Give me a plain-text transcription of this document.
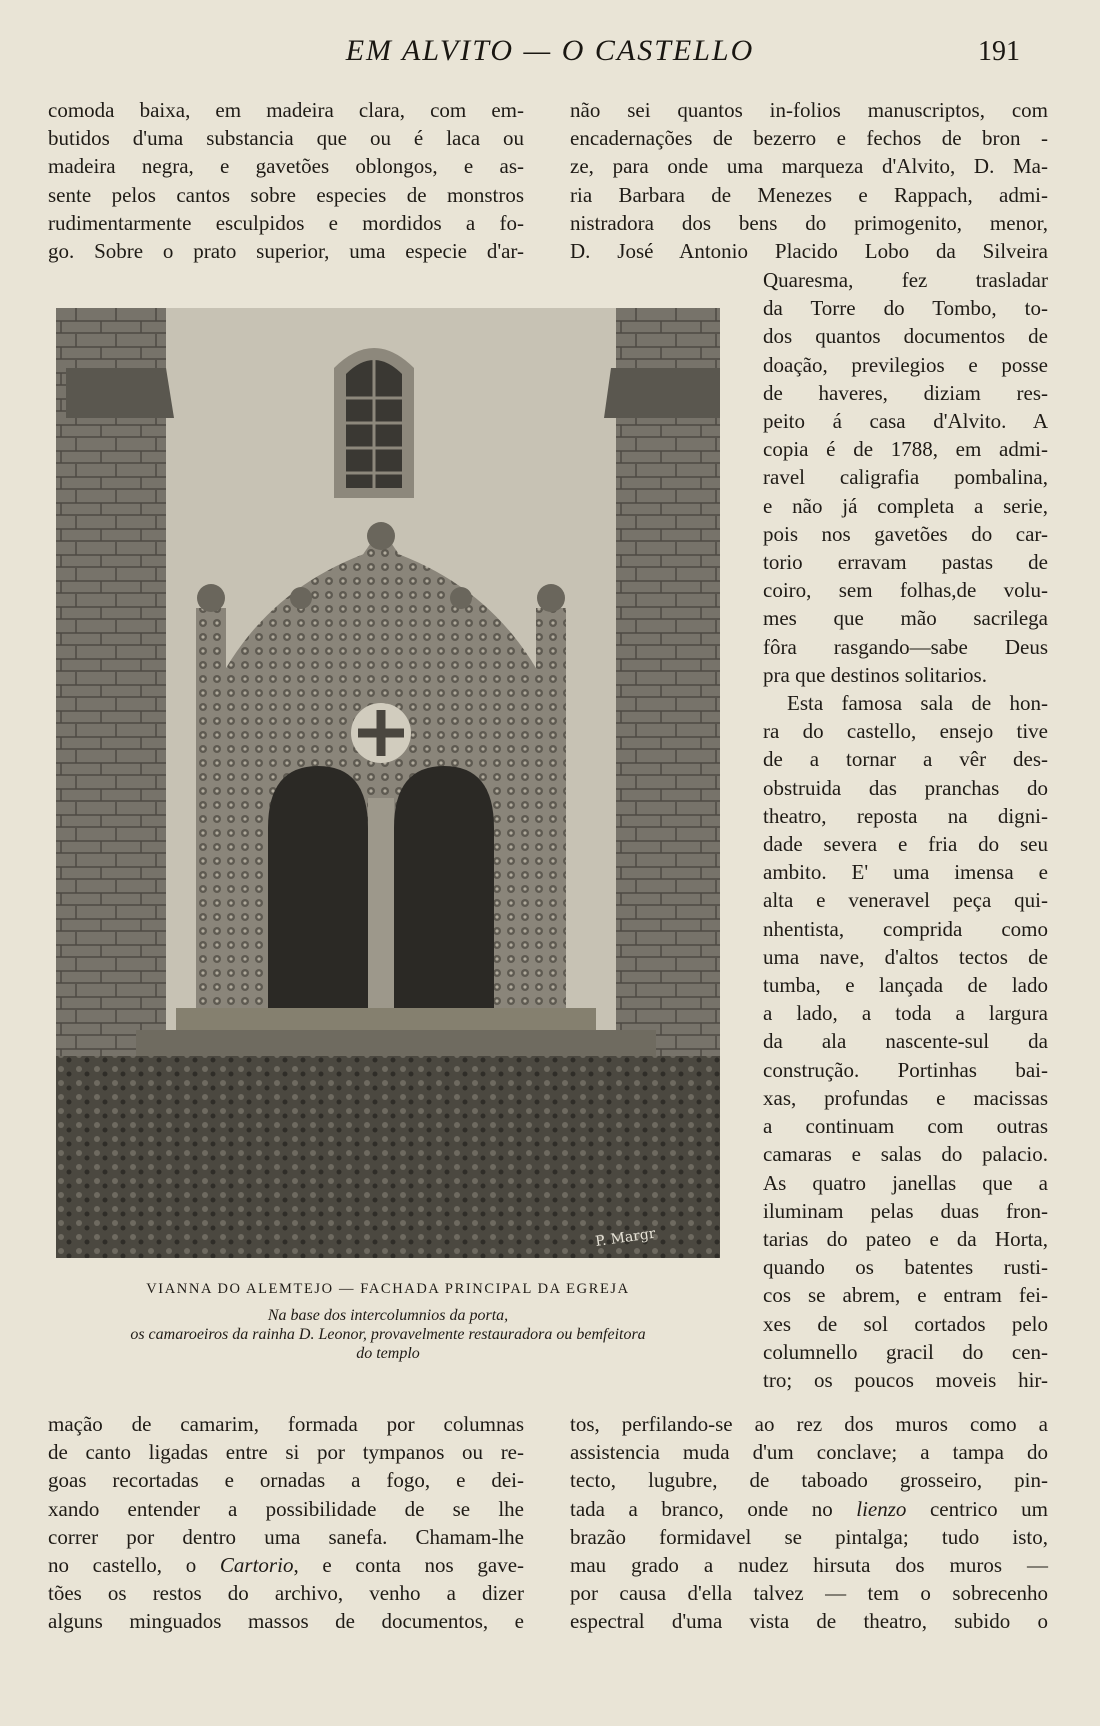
EM ALVITO — O CASTELLO	191
comoda baixa, em madeira clara, com em-
butidos d'uma substancia que ou é laca ou
madeira negra, e gavetões oblongos, e as-
sente pelos cantos sobre especies de monstros
rudimentarmente esculpidos e mordidos a fo-
go. Sobre o prato superior, uma especie d'ar-
não sei quantos in-folios manuscriptos, com
encadernações de bezerro e fechos de bron -
ze, para onde uma marqueza d'Alvito, D. Ma-
ria Barbara de Menezes e Rappach, admi-
nistradora dos bens do primogenito, menor,
D. José Antonio Placido Lobo da Silveira
Quaresma, fez trasladar
da Torre do Tombo, to-
dos quantos documentos de
doação, previlegios e posse
de haveres, diziam res-
peito á casa d'Alvito. A
copia é de 1788, em admi-
ravel caligrafia pombalina,
e não já completa a serie,
pois nos gavetões do car-
torio erravam pastas de
coiro, sem folhas,de volu-
mes que mão sacrilega
fôra rasgando—sabe Deus
pra que destinos solitarios.
Esta famosa sala de hon-
ra do castello, ensejo tive
de a tornar a vêr des-
obstruida das pranchas do
theatro, reposta na digni-
dade severa e fria do seu
ambito. E' uma imensa e
alta e veneravel peça qui-
nhentista, comprida como
uma nave, d'altos tectos de
tumba, e lançada de lado
a lado, a toda a largura
da ala nascente-sul da
construção. Portinhas bai-
xas, profundas e macissas
a continuam com outras
camaras e salas do palacio.
As quatro janellas que a
iluminam pelas duas fron-
tarias do pateo e da Horta,
quando os batentes rusti-
cos se abrem, e entram fei-
xes de sol cortados pelo
columnello gracil do cen-
tro; os poucos moveis hir-
P. Margr
VIANNA DO ALEMTEJO — FACHADA PRINCIPAL DA EGREJA
Na base dos intercolumnios da porta,
os camaroeiros da rainha D. Leonor, provavelmente restauradora ou bemfeitora
do templo
mação de camarim, formada por columnas
de canto ligadas entre si por tympanos ou re-
goas recortadas e ornadas a fogo, e dei-
xando entender a possibilidade de se lhe
correr por dentro uma sanefa. Chamam-lhe
no castello, o Cartorio, e conta nos gave-
tões os restos do archivo, venho a dizer
alguns minguados massos de documentos, e
tos, perfilando-se ao rez dos muros como a
assistencia muda d'um conclave; a tampa do
tecto, lugubre, de taboado grosseiro, pin-
tada a branco, onde no lienzo centrico um
brazão formidavel se pintalga; tudo isto,
mau grado a nudez hirsuta dos muros —
por causa d'ella talvez — tem o sobrecenho
espectral d'uma vista de theatro, subido o
